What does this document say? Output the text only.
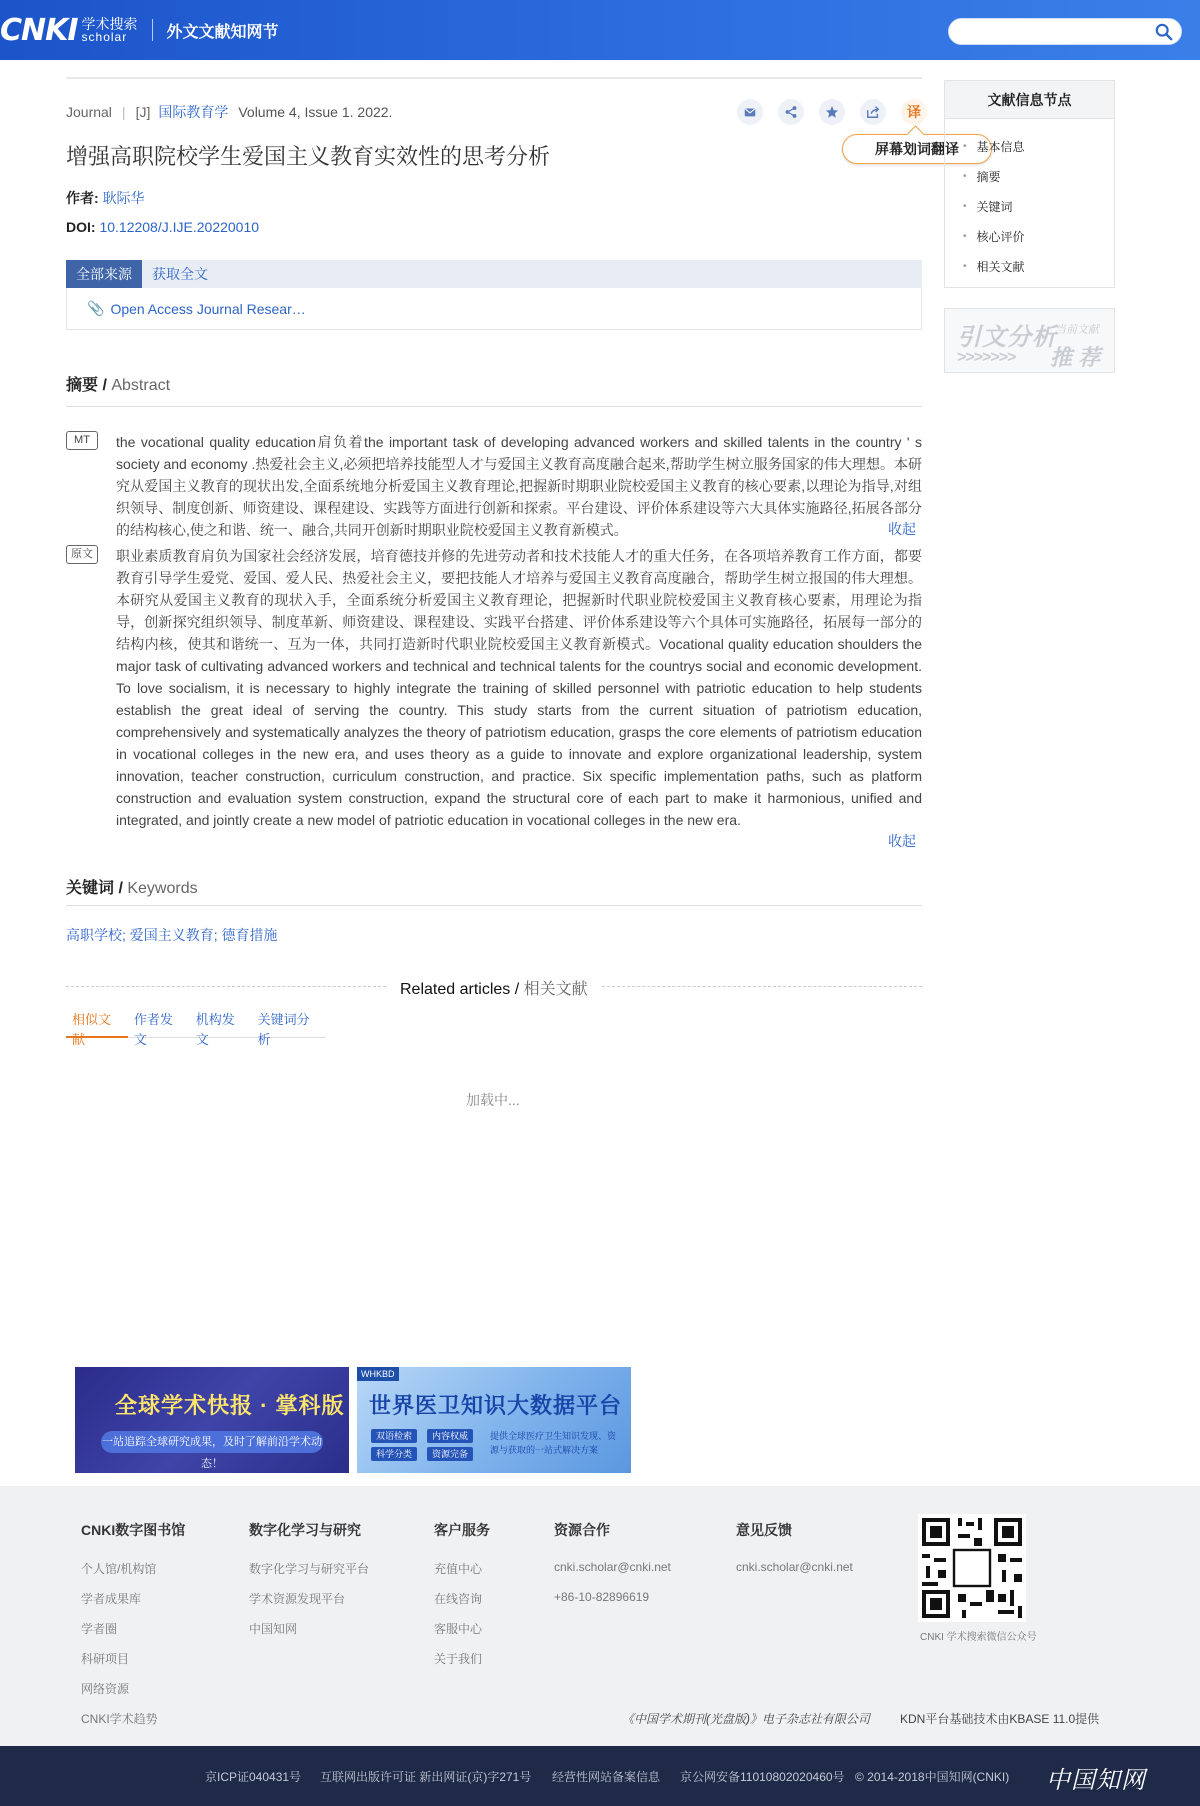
CNKI 学术搜索
scholar	外文文献知网节
Journal | [J] 国际教育学 Volume 4, Issue 1. 2022.	译
屏幕划词翻译
增强高职院校学生爱国主义教育实效性的思考分析
作者: 耿际华
DOI: 10.12208/J.IJE.20220010
全部来源	获取全文
📎 Open Access Journal Resear…
摘要 / Abstract
MT	the vocational quality education肩负着the important task of developing advanced workers and skilled talents in the country ' s society and economy .热爱社会主义,必须把培养技能型人才与爱国主义教育高度融合起来,帮助学生树立服务国家的伟大理想。本研究从爱国主义教育的现状出发,全面系统地分析爱国主义教育理论,把握新时期职业院校爱国主义教育的核心要素,以理论为指导,对组织领导、制度创新、师资建设、课程建设、实践等方面进行创新和探索。平台建设、评价体系建设等六大具体实施路径,拓展各部分的结构核心,使之和谐、统一、融合,共同开创新时期职业院校爱国主义教育新模式。	收起
原文	职业素质教育肩负为国家社会经济发展，培育德技并修的先进劳动者和技术技能人才的重大任务，在各项培养教育工作方面，都要教育引导学生爱党、爱国、爱人民、热爱社会主义，要把技能人才培养与爱国主义教育高度融合，帮助学生树立报国的伟大理想。本研究从爱国主义教育的现状入手，全面系统分析爱国主义教育理论，把握新时代职业院校爱国主义教育核心要素，用理论为指导，创新探究组织领导、制度革新、师资建设、课程建设、实践平台搭建、评价体系建设等六个具体可实施路径，拓展每一部分的结构内核，使其和谐统一、互为一体，共同打造新时代职业院校爱国主义教育新模式。Vocational quality education shoulders the major task of cultivating advanced workers and technical and technical talents for the countrys social and economic development. To love socialism, it is necessary to highly integrate the training of skilled personnel with patriotic education to help students establish the great ideal of serving the country. This study starts from the current situation of patriotism education, comprehensively and systematically analyzes the theory of patriotism education, grasps the core elements of patriotism education in vocational colleges in the new era, and uses theory as a guide to innovate and explore organizational leadership, system innovation, teacher construction, curriculum construction, and practice. Six specific implementation paths, such as platform construction and evaluation system construction, expand the structural core of each part to make it harmonious, unified and integrated, and jointly create a new model of patriotic education in vocational colleges in the new era.

收起
关键词 / Keywords
高职学校; 爱国主义教育; 德育措施
Related articles / 相关文献
相似文献
作者发文
机构发文
关键词分析
加载中...
文献信息节点
• 基本信息
• 摘要
• 关键词
• 核心评价
• 相关文献
引文分析
当前文献
推 荐
>>>>>>>
全球学术快报 · 掌科版
一站追踪全球研究成果，及时了解前沿学术动态！
WHKBD
世界医卫知识大数据平台
双语检索	内容权威
科学分类	资源完备
提供全球医疗卫生知识发现、资源与获取的一站式解决方案
CNKI数字图书馆
个人馆/机构馆
学者成果库
学者圈
科研项目
网络资源
CNKI学术趋势
数字化学习与研究
数字化学习与研究平台
学术资源发现平台
中国知网
客户服务
充值中心
在线咨询
客服中心
关于我们
资源合作
cnki.scholar@cnki.net
+86-10-82896619
意见反馈
cnki.scholar@cnki.net
CNKI 学术搜索微信公众号
《中国学术期刊(光盘版)》电子杂志社有限公司	KDN平台基础技术由KBASE 11.0提供
京ICP证040431号 互联网出版许可证 新出网证(京)字271号 经营性网站备案信息 京公网安备11010802020460号 © 2014-2018中国知网(CNKI) 中国知网
